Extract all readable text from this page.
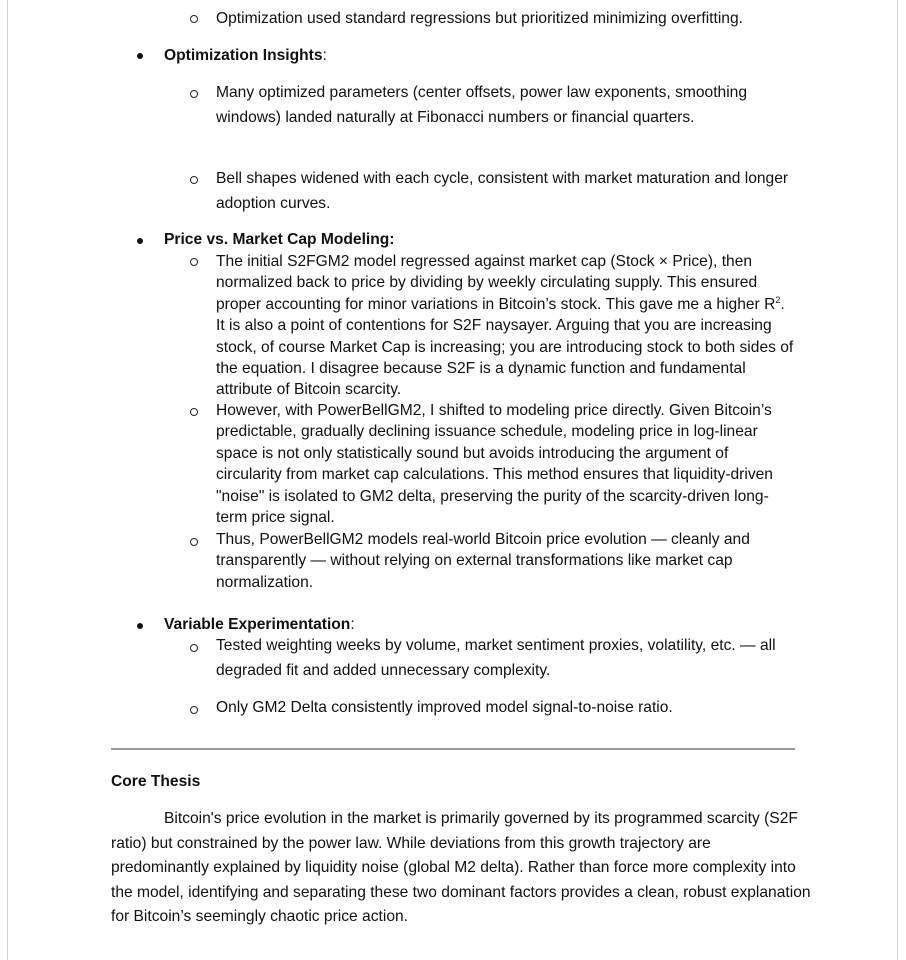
Optimization used standard regressions but prioritized minimizing overfitting.
Optimization Insights:
Many optimized parameters (center offsets, power law exponents, smoothing windows) landed naturally at Fibonacci numbers or financial quarters.
Bell shapes widened with each cycle, consistent with market maturation and longer adoption curves.
Price vs. Market Cap Modeling:
The initial S2FGM2 model regressed against market cap (Stock × Price), then normalized back to price by dividing by weekly circulating supply. This ensured proper accounting for minor variations in Bitcoin’s stock. This gave me a higher $R^2$. It is also a point of contentions for S2F naysayer. Arguing that you are increasing stock, of course Market Cap is increasing; you are introducing stock to both sides of the equation. I disagree because S2F is a dynamic function and fundamental attribute of Bitcoin scarcity.
However, with PowerBellGM2, I shifted to modeling price directly. Given Bitcoin’s predictable, gradually declining issuance schedule, modeling price in log-linear space is not only statistically sound but avoids introducing the argument of circularity from market cap calculations. This method ensures that liquidity-driven "noise" is isolated to GM2 delta, preserving the purity of the scarcity-driven long-term price signal.
Thus, PowerBellGM2 models real-world Bitcoin price evolution — cleanly and transparently — without relying on external transformations like market cap normalization.
Variable Experimentation:
Tested weighting weeks by volume, market sentiment proxies, volatility, etc. — all degraded fit and added unnecessary complexity.
Only GM2 Delta consistently improved model signal-to-noise ratio.
Core Thesis
Bitcoin's price evolution in the market is primarily governed by its programmed scarcity (S2F ratio) but constrained by the power law. While deviations from this growth trajectory are predominantly explained by liquidity noise (global M2 delta). Rather than force more complexity into the model, identifying and separating these two dominant factors provides a clean, robust explanation for Bitcoin’s seemingly chaotic price action.
